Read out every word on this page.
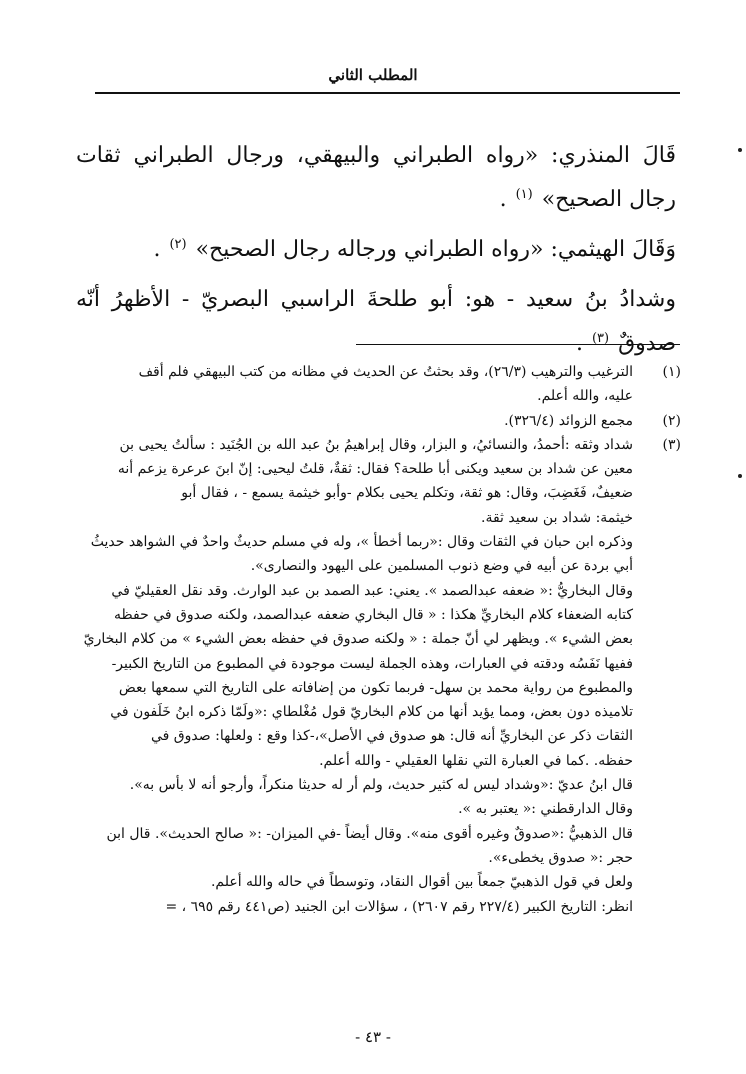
المطلب الثاني

قَالَ المنذري: «رواه الطبراني والبيهقي، ورجال الطبراني ثقات رجال الصحيح» $^{(١)}$ .

وَقَالَ الهيثمي: «رواه الطبراني ورجاله رجال الصحيح» $^{(٢)}$ .

وشدادُ بنُ سعيد - هو: أبو طلحةَ الراسبي البصريّ - الأظهرُ أنّه صدوقٌ $^{(٣)}$ .

(١)
الترغيب والترهيب (٢٦/٣)، وقد بحثتُ عن الحديث في مظانه من كتب البيهقي فلم أقف
عليه، والله أعلم.
(٢)
مجمع الزوائد (٣٢٦/٤).
(٣)
شداد وثقه :أحمدُ، والنسائيُ، و البزار، وقال إبراهيمُ بنُ عبد الله بن الجُنَيد : سألتُ يحيى بن
معين عن شداد بن سعيد ويكنى أبا طلحة؟ فقال: ثقةٌ، قلتُ ليحيى: إنّ ابنَ عرعرة يزعم أنه
ضعيفٌ، فَغَضِبَ، وقال: هو ثقة، وتكلم يحيى بكلام -وأبو خيثمة يسمع - ، فقال أبو
خيثمة: شداد بن سعيد ثقة.
وذكره ابن حبان في الثقات وقال :«ربما أخطأ »، وله في مسلم حديثٌ واحدٌ في الشواهد حديثُ
أبي بردة عن أبيه في وضع ذنوب المسلمين على اليهود والنصارى».
وقال البخاريُّ :« ضعفه عبدالصمد ». يعني: عبد الصمد بن عبد الوارث. وقد نقل العقيليّ في
كتابه الضعفاء كلام البخاريِّ هكذا : « قال البخاري ضعفه عبدالصمد، ولكنه صدوق في حفظه
بعض الشيء ». ويظهر لي أنّ جملة : « ولكنه صدوق في حفظه بعض الشيء » من كلام البخاريّ
ففيها نَفَسُه ودقته في العبارات، وهذه الجملة ليست موجودة في المطبوع من التاريخ الكبير-
والمطبوع من رواية محمد بن سهل- فربما تكون من إضافاته على التاريخ التي سمعها بعض
تلاميذه دون بعض، ومما يؤيد أنها من كلام البخاريّ قول مُغْلطاي :«ولَمّا ذكره ابنُ خَلَفون في
الثقات ذكر عن البخاريِّ أنه قال: هو صدوق في الأصل»،-كذا وقع : ولعلها: صدوق في
حفظه. .كما في العبارة التي نقلها العقيلي - والله أعلم.
قال ابنُ عديّ :«وشداد ليس له كثير حديث، ولم أر له حديثا منكراً، وأرجو أنه لا بأس به».
وقال الدارقطني :« يعتبر به ».
قال الذهبيُّ :«صدوقٌ وغيره أقوى منه». وقال أيضاً -في الميزان- :« صالح الحديث». قال ابن
حجر :« صدوق يخطىء».
ولعل في قول الذهبيّ جمعاً بين أقوال النقاد، وتوسطاً في حاله والله أعلم.
انظر: التاريخ الكبير (٢٢٧/٤ رقم ٢٦٠٧) ، سؤالات ابن الجنيد (ص٤٤١ رقم ٦٩٥ ، =
- ٤٣ -
